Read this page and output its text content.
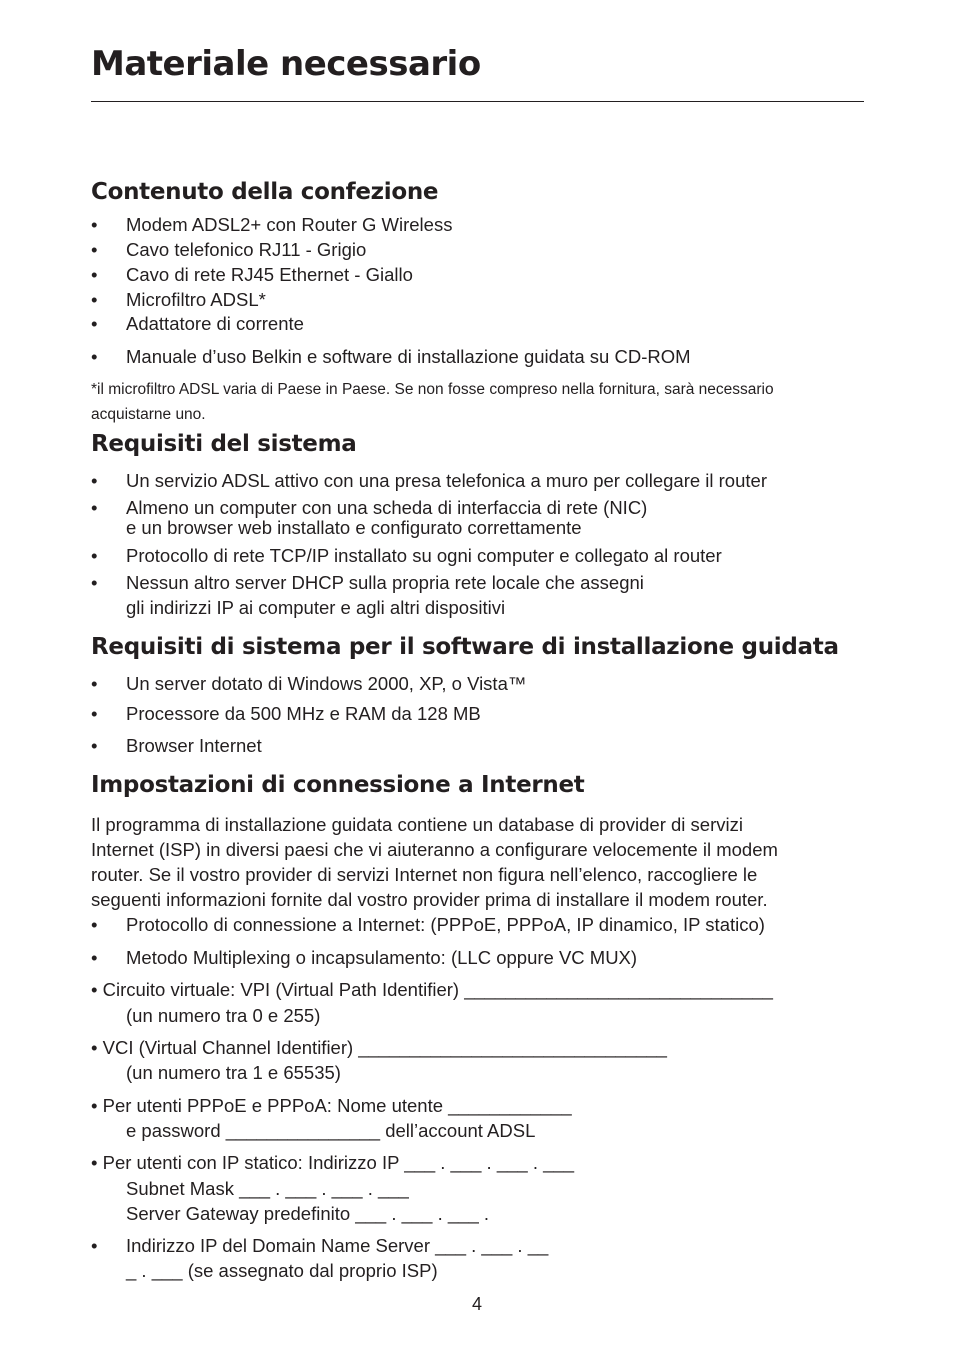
Materiale necessario
Contenuto della confezione
• Modem ADSL2+ con Router G Wireless
• Cavo telefonico RJ11 - Grigio
• Cavo di rete RJ45 Ethernet - Giallo
• Microfiltro ADSL*
• Adattatore di corrente
• Manuale d’uso Belkin e software di installazione guidata su CD-ROM
*il microfiltro ADSL varia di Paese in Paese. Se non fosse compreso nella fornitura, sarà necessario
acquistarne uno.
Requisiti del sistema
• Un servizio ADSL attivo con una presa telefonica a muro per collegare il router
• Almeno un computer con una scheda di interfaccia di rete (NIC)
e un browser web installato e configurato correttamente
• Protocollo di rete TCP/IP installato su ogni computer e collegato al router
• Nessun altro server DHCP sulla propria rete locale che assegni
gli indirizzi IP ai computer e agli altri dispositivi
Requisiti di sistema per il software di installazione guidata
• Un server dotato di Windows 2000, XP, o Vista™
• Processore da 500 MHz e RAM da 128 MB
• Browser Internet
Impostazioni di connessione a Internet
Il programma di installazione guidata contiene un database di provider di servizi
Internet (ISP) in diversi paesi che vi aiuteranno a configurare velocemente il modem
router. Se il vostro provider di servizi Internet non figura nell’elenco, raccogliere le
seguenti informazioni fornite dal vostro provider prima di installare il modem router.
• Protocollo di connessione a Internet: (PPPoE, PPPoA, IP dinamico, IP statico)
• Metodo Multiplexing o incapsulamento: (LLC oppure VC MUX)
• Circuito virtuale: VPI (Virtual Path Identifier) ______________________________
(un numero tra 0 e 255)
• VCI (Virtual Channel Identifier) ______________________________
(un numero tra 1 e 65535)
• Per utenti PPPoE e PPPoA: Nome utente ____________
e password _______________ dell’account ADSL
• Per utenti con IP statico: Indirizzo IP ___ . ___ . ___ . ___
Subnet Mask ___ . ___ . ___ . ___
Server Gateway predefinito ___ . ___ . ___ .
• Indirizzo IP del Domain Name Server ___ . ___ . __
_ . ___ (se assegnato dal proprio ISP)
4
